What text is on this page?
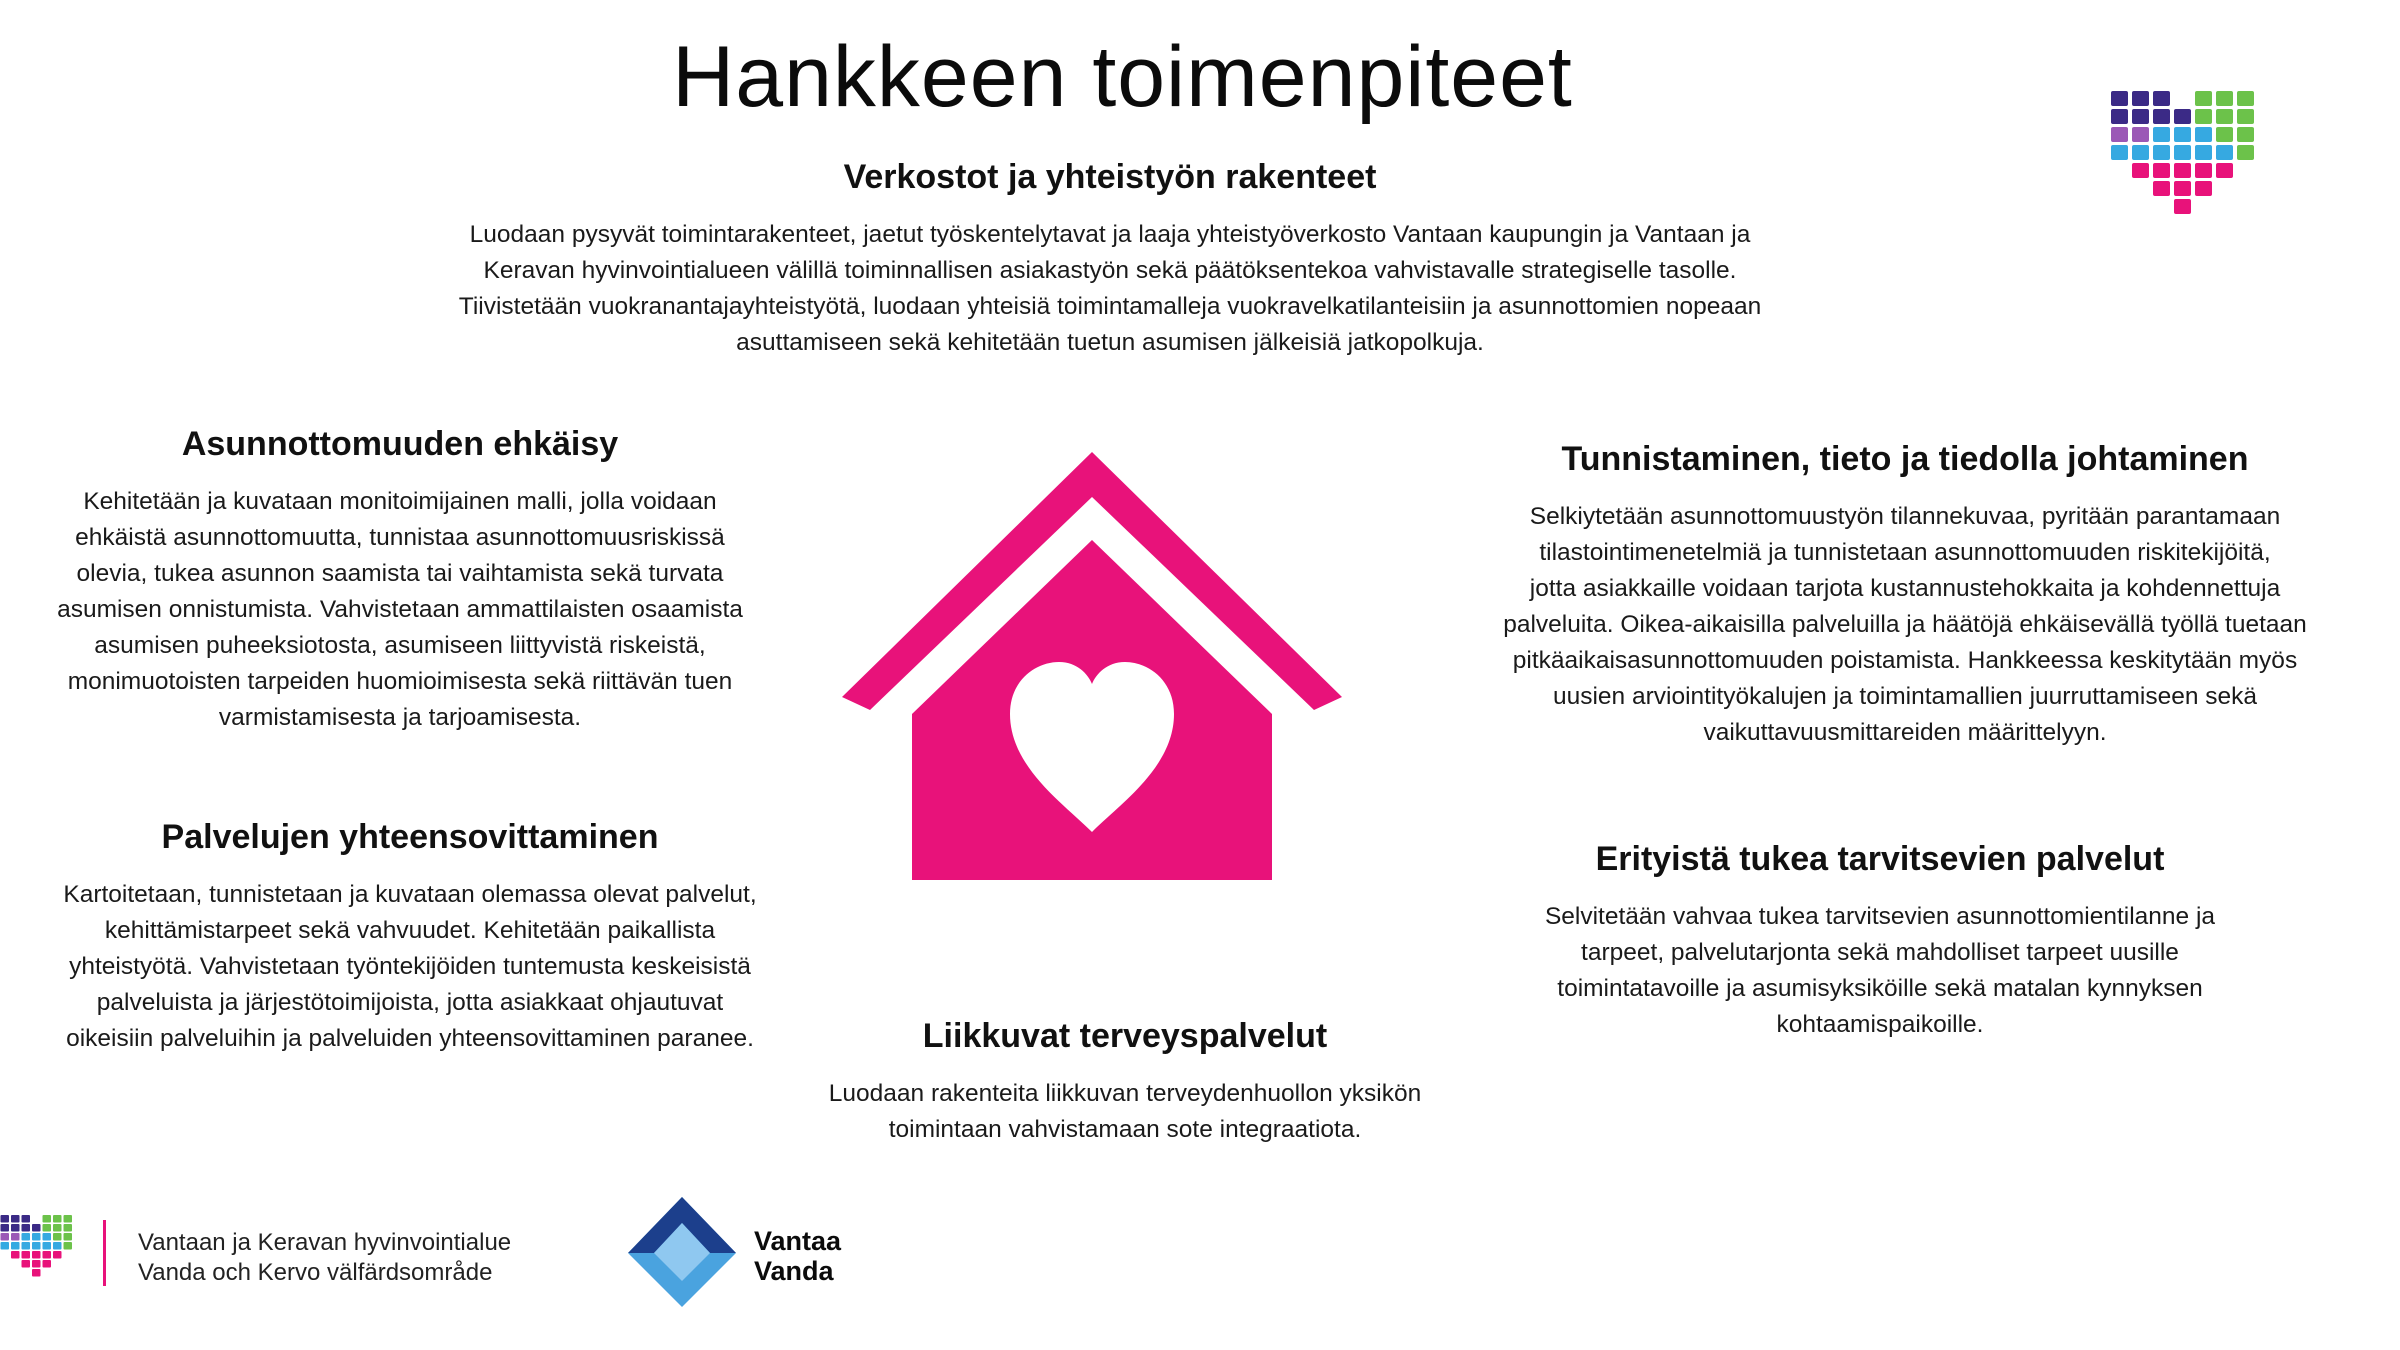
Hankkeen toimenpiteet
Verkostot ja yhteistyön rakenteet

Luodaan pysyvät toimintarakenteet, jaetut työskentelytavat ja laaja yhteistyöverkosto Vantaan kaupungin ja Vantaan ja
Keravan hyvinvointialueen välillä toiminnallisen asiakastyön sekä päätöksentekoa vahvistavalle strategiselle tasolle.
Tiivistetään vuokranantajayhteistyötä, luodaan yhteisiä toimintamalleja vuokravelkatilanteisiin ja asunnottomien nopeaan
asuttamiseen sekä kehitetään tuetun asumisen jälkeisiä jatkopolkuja.

Asunnottomuuden ehkäisy

Kehitetään ja kuvataan monitoimijainen malli, jolla voidaan
ehkäistä asunnottomuutta, tunnistaa asunnottomuusriskissä
olevia, tukea asunnon saamista tai vaihtamista sekä turvata
asumisen onnistumista. Vahvistetaan ammattilaisten osaamista
asumisen puheeksiotosta, asumiseen liittyvistä riskeistä,
monimuotoisten tarpeiden huomioimisesta sekä riittävän tuen
varmistamisesta ja tarjoamisesta.

Tunnistaminen, tieto ja tiedolla johtaminen

Selkiytetään asunnottomuustyön tilannekuvaa, pyritään parantamaan
tilastointimenetelmiä ja tunnistetaan asunnottomuuden riskitekijöitä,
jotta asiakkaille voidaan tarjota kustannustehokkaita ja kohdennettuja
palveluita. Oikea-aikaisilla palveluilla ja häätöjä ehkäisevällä työllä tuetaan
pitkäaikaisasunnottomuuden poistamista. Hankkeessa keskitytään myös
uusien arviointityökalujen ja toimintamallien juurruttamiseen sekä
vaikuttavuusmittareiden määrittelyyn.

Palvelujen yhteensovittaminen

Kartoitetaan, tunnistetaan ja kuvataan olemassa olevat palvelut,
kehittämistarpeet sekä vahvuudet. Kehitetään paikallista
yhteistyötä. Vahvistetaan työntekijöiden tuntemusta keskeisistä
palveluista ja järjestötoimijoista, jotta asiakkaat ohjautuvat
oikeisiin palveluihin ja palveluiden yhteensovittaminen paranee.

Erityistä tukea tarvitsevien palvelut

Selvitetään vahvaa tukea tarvitsevien asunnottomientilanne ja
tarpeet, palvelutarjonta sekä mahdolliset tarpeet uusille
toimintatavoille ja asumisyksiköille sekä matalan kynnyksen
kohtaamispaikoille.

Liikkuvat terveyspalvelut

Luodaan rakenteita liikkuvan terveydenhuollon yksikön
toimintaan vahvistamaan sote integraatiota.

Vantaan ja Keravan hyvinvointialue
Vanda och Kervo välfärdsområde
Vantaa
Vanda
